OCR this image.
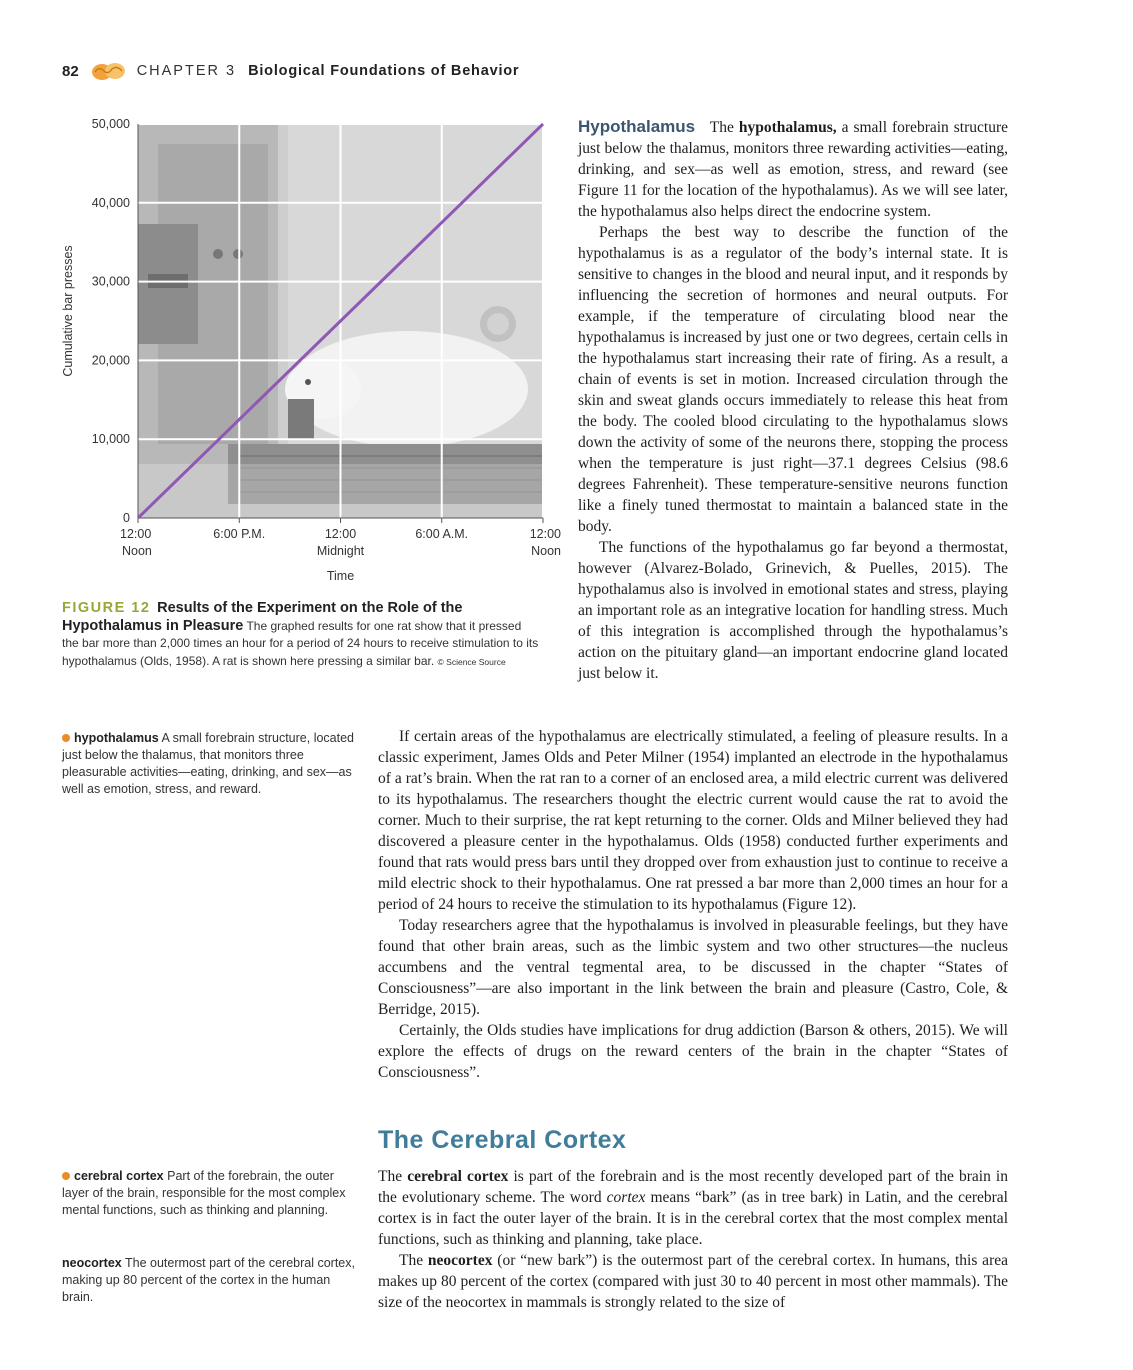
82	CHAPTER 3 Biological Foundations of Behavior
0
10,000
20,000
30,000
40,000
50,000
12:00
Noon
6:00 P.M.	12:00
Midnight
6:00 A.M.	12:00
Noon
Time
Cumulative bar presses
FIGURE 12 Results of the Experiment on the Role of the Hypothalamus in Pleasure The graphed results for one rat show that it pressed the bar more than 2,000 times an hour for a period of 24 hours to receive stimulation to its hypothalamus (Olds, 1958). A rat is shown here pressing a similar bar. © Science Source
hypothalamus A small forebrain structure, located just below the thalamus, that monitors three pleasurable activities—eating, drinking, and sex—as well as emotion, stress, and reward.
cerebral cortex Part of the forebrain, the outer layer of the brain, responsible for the most complex mental functions, such as thinking and planning.
neocortex The outermost part of the cerebral cortex, making up 80 percent of the cortex in the human brain.

Hypothalamus The hypothalamus, a small forebrain structure just below the thalamus, monitors three rewarding activities—eating, drinking, and sex—as well as emotion, stress, and reward (see Figure 11 for the location of the hypothalamus). As we will see later, the hypothalamus also helps direct the endocrine system.

Perhaps the best way to describe the function of the hypothalamus is as a regulator of the body’s internal state. It is sensitive to changes in the blood and neural input, and it responds by influencing the secretion of hormones and neural outputs. For example, if the temperature of circulating blood near the hypothalamus is increased by just one or two degrees, certain cells in the hypothalamus start increasing their rate of firing. As a result, a chain of events is set in motion. Increased circulation through the skin and sweat glands occurs immediately to release this heat from the body. The cooled blood circulating to the hypothalamus slows down the activity of some of the neurons there, stopping the process when the temperature is just right—37.1 degrees Celsius (98.6 degrees Fahrenheit). These temperature-sensitive neurons function like a finely tuned thermostat to maintain a balanced state in the body.

The functions of the hypothalamus go far beyond a thermostat, however (Alvarez-Bolado, Grinevich, & Puelles, 2015). The hypothalamus also is involved in emotional states and stress, playing an important role as an integrative location for handling stress. Much of this integration is accomplished through the hypothalamus’s action on the pituitary gland—an important endocrine gland located just below it.

If certain areas of the hypothalamus are electrically stimulated, a feeling of pleasure results. In a classic experiment, James Olds and Peter Milner (1954) implanted an electrode in the hypothalamus of a rat’s brain. When the rat ran to a corner of an enclosed area, a mild electric current was delivered to its hypothalamus. The researchers thought the electric current would cause the rat to avoid the corner. Much to their surprise, the rat kept returning to the corner. Olds and Milner believed they had discovered a pleasure center in the hypothalamus. Olds (1958) conducted further experiments and found that rats would press bars until they dropped over from exhaustion just to continue to receive a mild electric shock to their hypothalamus. One rat pressed a bar more than 2,000 times an hour for a period of 24 hours to receive the stimulation to its hypothalamus (Figure 12).

Today researchers agree that the hypothalamus is involved in pleasurable feelings, but they have found that other brain areas, such as the limbic system and two other structures—the nucleus accumbens and the ventral tegmental area, to be discussed in the chapter “States of Consciousness”—are also important in the link between the brain and pleasure (Castro, Cole, & Berridge, 2015).

Certainly, the Olds studies have implications for drug addiction (Barson & others, 2015). We will explore the effects of drugs on the reward centers of the brain in the chapter “States of Consciousness”.

The Cerebral Cortex

The cerebral cortex is part of the forebrain and is the most recently developed part of the brain in the evolutionary scheme. The word cortex means “bark” (as in tree bark) in Latin, and the cerebral cortex is in fact the outer layer of the brain. It is in the cerebral cortex that the most complex mental functions, such as thinking and planning, take place.

The neocortex (or “new bark”) is the outermost part of the cerebral cortex. In humans, this area makes up 80 percent of the cortex (compared with just 30 to 40 percent in most other mammals). The size of the neocortex in mammals is strongly related to the size of
